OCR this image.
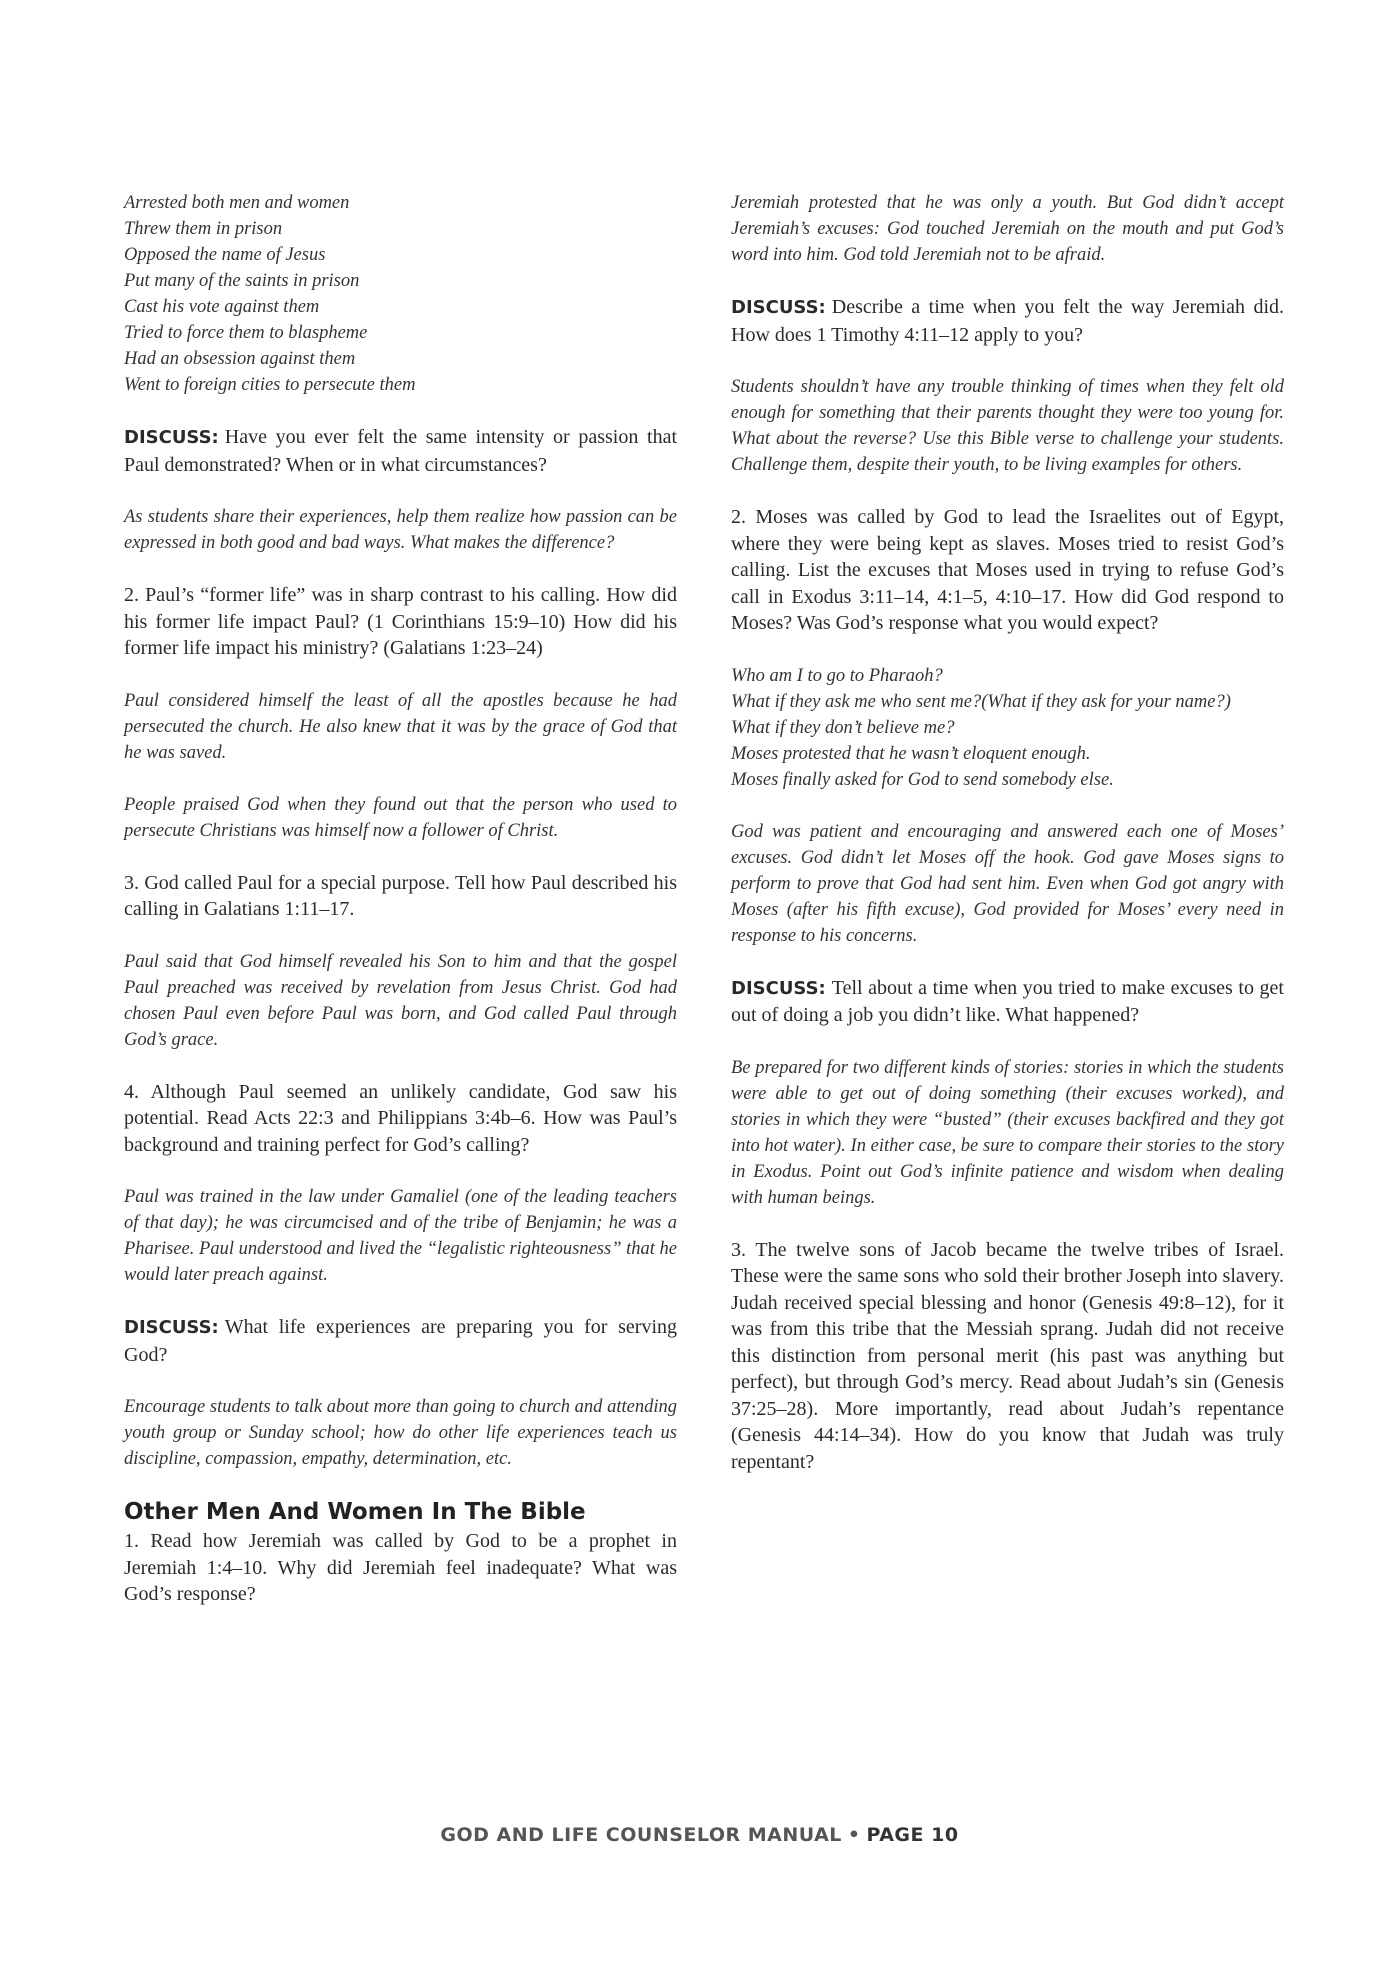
Arrested both men and women
Threw them in prison
Opposed the name of Jesus
Put many of the saints in prison
Cast his vote against them
Tried to force them to blaspheme
Had an obsession against them
Went to foreign cities to persecute them

DISCUSS: Have you ever felt the same intensity or passion that Paul demonstrated? When or in what circumstances?

As students share their experiences, help them realize how passion can be expressed in both good and bad ways. What makes the difference?

2. Paul’s “former life” was in sharp contrast to his calling. How did his former life impact Paul? (1 Corinthians 15:9–10) How did his former life impact his ministry? (Galatians 1:23–24)

Paul considered himself the least of all the apostles because he had persecuted the church. He also knew that it was by the grace of God that he was saved.

People praised God when they found out that the person who used to persecute Christians was himself now a follower of Christ.

3. God called Paul for a special purpose. Tell how Paul described his calling in Galatians 1:11–17.

Paul said that God himself revealed his Son to him and that the gospel Paul preached was received by revelation from Jesus Christ. God had chosen Paul even before Paul was born, and God called Paul through God’s grace.

4. Although Paul seemed an unlikely candidate, God saw his potential. Read Acts 22:3 and Philippians 3:4b–6. How was Paul’s background and training perfect for God’s calling?

Paul was trained in the law under Gamaliel (one of the leading teachers of that day); he was circumcised and of the tribe of Benjamin; he was a Pharisee. Paul understood and lived the “legalistic righteousness” that he would later preach against.

DISCUSS: What life experiences are preparing you for serving God?

Encourage students to talk about more than going to church and attending youth group or Sunday school; how do other life experiences teach us discipline, compassion, empathy, determination, etc.

Other Men And Women In The Bible

1. Read how Jeremiah was called by God to be a prophet in Jeremiah 1:4–10. Why did Jeremiah feel inadequate? What was God’s response?

Jeremiah protested that he was only a youth. But God didn’t accept Jeremiah’s excuses: God touched Jeremiah on the mouth and put God’s word into him. God told Jeremiah not to be afraid.

DISCUSS: Describe a time when you felt the way Jeremiah did. How does 1 Timothy 4:11–12 apply to you?

Students shouldn’t have any trouble thinking of times when they felt old enough for something that their parents thought they were too young for. What about the reverse? Use this Bible verse to challenge your students. Challenge them, despite their youth, to be living examples for others.

2. Moses was called by God to lead the Israelites out of Egypt, where they were being kept as slaves. Moses tried to resist God’s calling. List the excuses that Moses used in trying to refuse God’s call in Exodus 3:11–14, 4:1–5, 4:10–17. How did God respond to Moses? Was God’s response what you would expect?

Who am I to go to Pharaoh?
What if they ask me who sent me?(What if they ask for your name?)
What if they don’t believe me?
Moses protested that he wasn’t eloquent enough.
Moses finally asked for God to send somebody else.

God was patient and encouraging and answered each one of Moses’ excuses. God didn’t let Moses off the hook. God gave Moses signs to perform to prove that God had sent him. Even when God got angry with Moses (after his fifth excuse), God provided for Moses’ every need in response to his concerns.

DISCUSS: Tell about a time when you tried to make excuses to get out of doing a job you didn’t like. What happened?

Be prepared for two different kinds of stories: stories in which the students were able to get out of doing something (their excuses worked), and stories in which they were “busted” (their excuses backfired and they got into hot water). In either case, be sure to compare their stories to the story in Exodus. Point out God’s infinite patience and wisdom when dealing with human beings.

3. The twelve sons of Jacob became the twelve tribes of Israel. These were the same sons who sold their brother Joseph into slavery. Judah received special blessing and honor (Genesis 49:8–12), for it was from this tribe that the Messiah sprang. Judah did not receive this distinction from personal merit (his past was anything but perfect), but through God’s mercy. Read about Judah’s sin (Genesis 37:25–28). More importantly, read about Judah’s repentance (Genesis 44:14–34). How do you know that Judah was truly repentant?

GOD AND LIFE COUNSELOR MANUAL • PAGE 10
